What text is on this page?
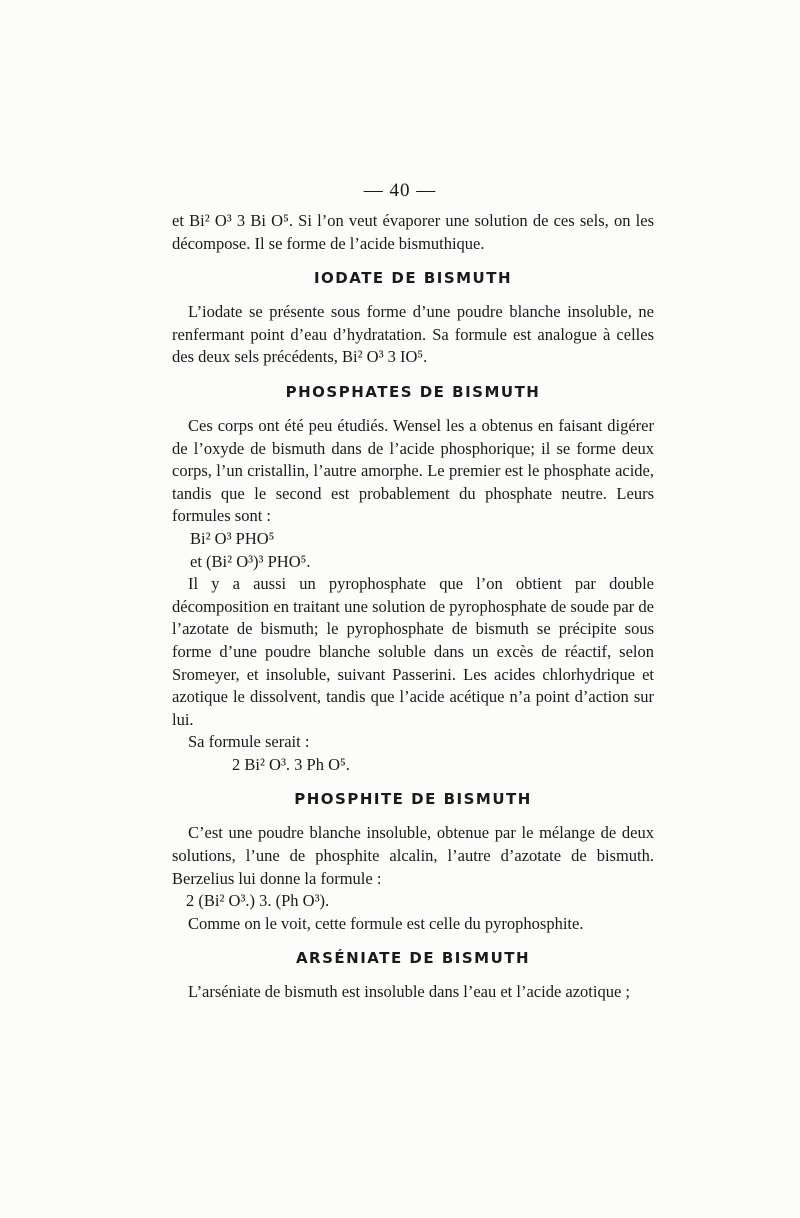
— 40 —

et Bi² O³ 3 Bi O⁵. Si l’on veut évaporer une solution de ces sels, on les décompose. Il se forme de l’acide bismuthique.

IODATE DE BISMUTH

L’iodate se présente sous forme d’une poudre blanche insoluble, ne renfermant point d’eau d’hydratation. Sa formule est analogue à celles des deux sels précédents, Bi² O³ 3 IO⁵.

PHOSPHATES DE BISMUTH

Ces corps ont été peu étudiés. Wensel les a obtenus en faisant digérer de l’oxyde de bismuth dans de l’acide phosphorique; il se forme deux corps, l’un cristallin, l’autre amorphe. Le premier est le phosphate acide, tandis que le second est probablement du phosphate neutre. Leurs formules sont :

Bi² O³ PHO⁵

et (Bi² O³)³ PHO⁵.

Il y a aussi un pyrophosphate que l’on obtient par double décomposition en traitant une solution de pyrophosphate de soude par de l’azotate de bismuth; le pyrophosphate de bismuth se précipite sous forme d’une poudre blanche soluble dans un excès de réactif, selon Sromeyer, et insoluble, suivant Passerini. Les acides chlorhydrique et azotique le dissolvent, tandis que l’acide acétique n’a point d’action sur lui.

Sa formule serait :

2 Bi² O³. 3 Ph O⁵.

PHOSPHITE DE BISMUTH

C’est une poudre blanche insoluble, obtenue par le mélange de deux solutions, l’une de phosphite alcalin, l’autre d’azotate de bismuth. Berzelius lui donne la formule :

2 (Bi² O³.) 3. (Ph O³).

Comme on le voit, cette formule est celle du pyrophosphite.

ARSÉNIATE DE BISMUTH

L’arséniate de bismuth est insoluble dans l’eau et l’acide azotique ;
